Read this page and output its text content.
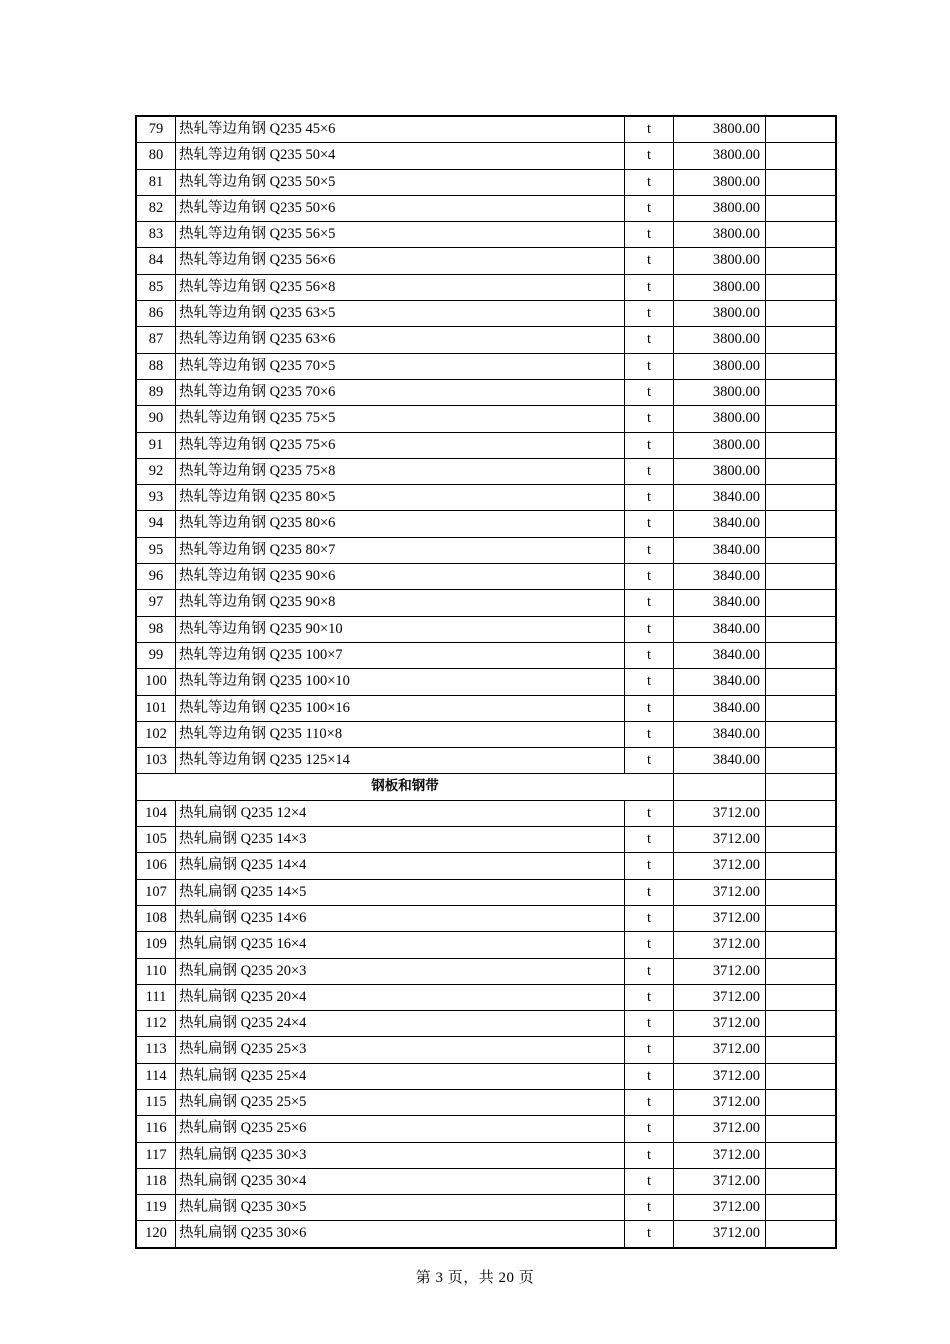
79	热轧等边角钢 Q235 45×6	t	3800.00	
80	热轧等边角钢 Q235 50×4	t	3800.00	
81	热轧等边角钢 Q235 50×5	t	3800.00	
82	热轧等边角钢 Q235 50×6	t	3800.00	
83	热轧等边角钢 Q235 56×5	t	3800.00	
84	热轧等边角钢 Q235 56×6	t	3800.00	
85	热轧等边角钢 Q235 56×8	t	3800.00	
86	热轧等边角钢 Q235 63×5	t	3800.00	
87	热轧等边角钢 Q235 63×6	t	3800.00	
88	热轧等边角钢 Q235 70×5	t	3800.00	
89	热轧等边角钢 Q235 70×6	t	3800.00	
90	热轧等边角钢 Q235 75×5	t	3800.00	
91	热轧等边角钢 Q235 75×6	t	3800.00	
92	热轧等边角钢 Q235 75×8	t	3800.00	
93	热轧等边角钢 Q235 80×5	t	3840.00	
94	热轧等边角钢 Q235 80×6	t	3840.00	
95	热轧等边角钢 Q235 80×7	t	3840.00	
96	热轧等边角钢 Q235 90×6	t	3840.00	
97	热轧等边角钢 Q235 90×8	t	3840.00	
98	热轧等边角钢 Q235 90×10	t	3840.00	
99	热轧等边角钢 Q235 100×7	t	3840.00	
100	热轧等边角钢 Q235 100×10	t	3840.00	
101	热轧等边角钢 Q235 100×16	t	3840.00	
102	热轧等边角钢 Q235 110×8	t	3840.00	
103	热轧等边角钢 Q235 125×14	t	3840.00	
钢板和钢带				
104	热轧扁钢 Q235 12×4	t	3712.00	
105	热轧扁钢 Q235 14×3	t	3712.00	
106	热轧扁钢 Q235 14×4	t	3712.00	
107	热轧扁钢 Q235 14×5	t	3712.00	
108	热轧扁钢 Q235 14×6	t	3712.00	
109	热轧扁钢 Q235 16×4	t	3712.00	
110	热轧扁钢 Q235 20×3	t	3712.00	
111	热轧扁钢 Q235 20×4	t	3712.00	
112	热轧扁钢 Q235 24×4	t	3712.00	
113	热轧扁钢 Q235 25×3	t	3712.00	
114	热轧扁钢 Q235 25×4	t	3712.00	
115	热轧扁钢 Q235 25×5	t	3712.00	
116	热轧扁钢 Q235 25×6	t	3712.00	
117	热轧扁钢 Q235 30×3	t	3712.00	
118	热轧扁钢 Q235 30×4	t	3712.00	
119	热轧扁钢 Q235 30×5	t	3712.00	
120	热轧扁钢 Q235 30×6	t	3712.00	
第 3 页，共 20 页
